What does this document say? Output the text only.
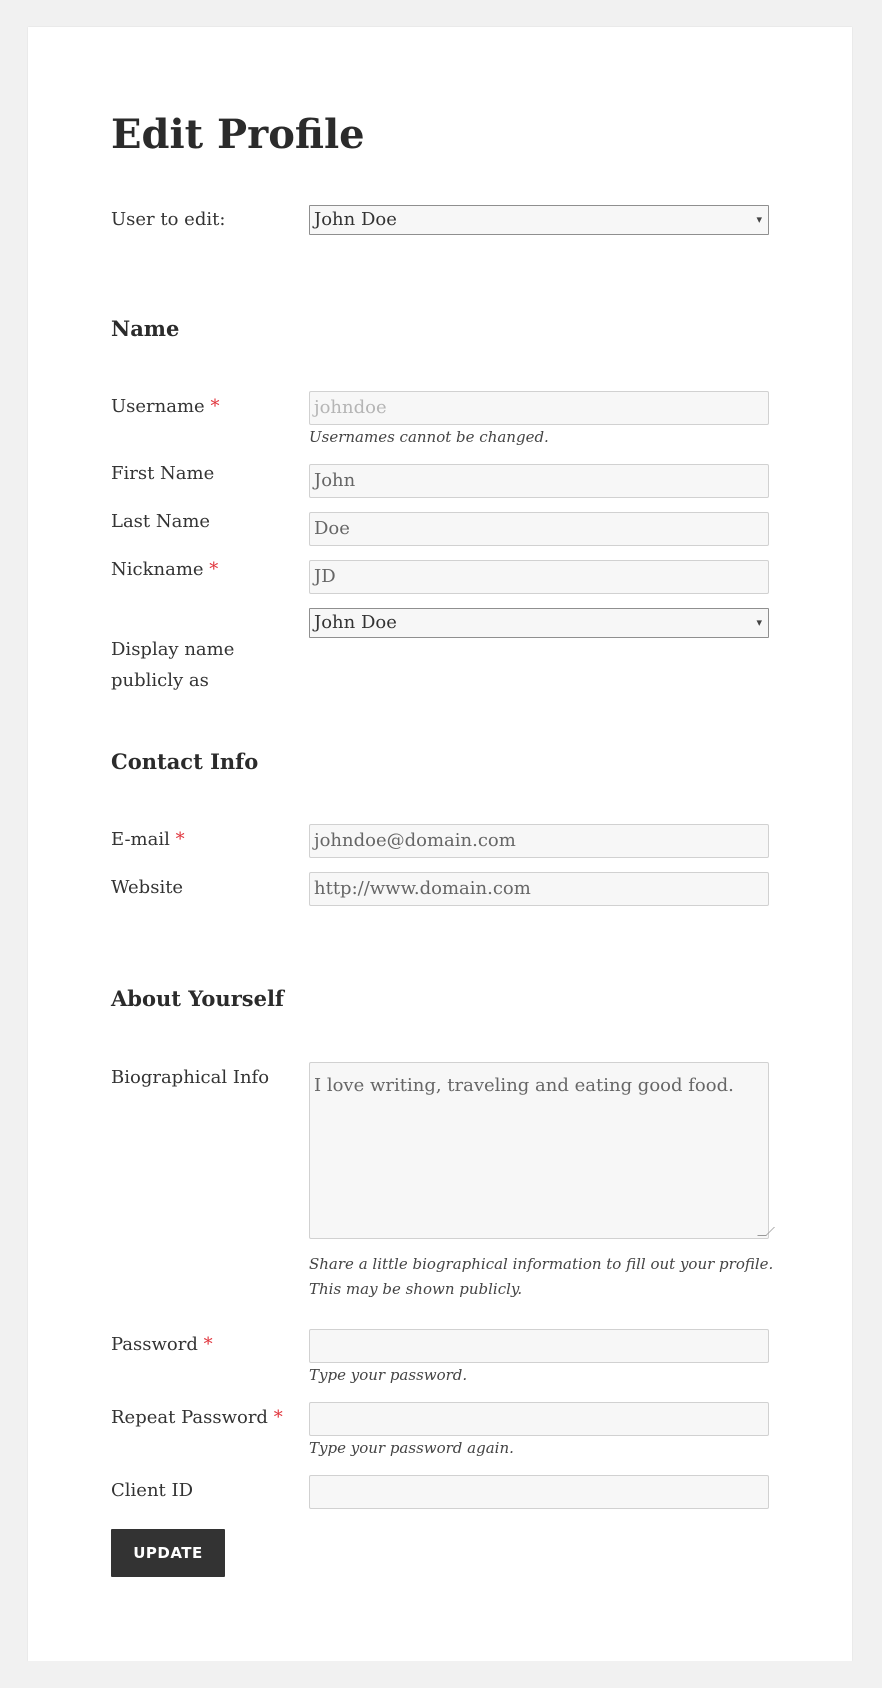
Edit Profile
User to edit:	John Doe	▾
Name
Username *	johndoe
Usernames cannot be changed.
First Name	John
Last Name	Doe
Nickname *	JD
Display name
publicly as
John Doe	▾
Contact Info
E-mail *	johndoe@domain.com
Website	http://www.domain.com
About Yourself
Biographical Info	I love writing, traveling and eating good food.
Share a little biographical information to fill out your profile.
This may be shown publicly.
Password *
Type your password.
Repeat Password *
Type your password again.
Client ID
UPDATE
